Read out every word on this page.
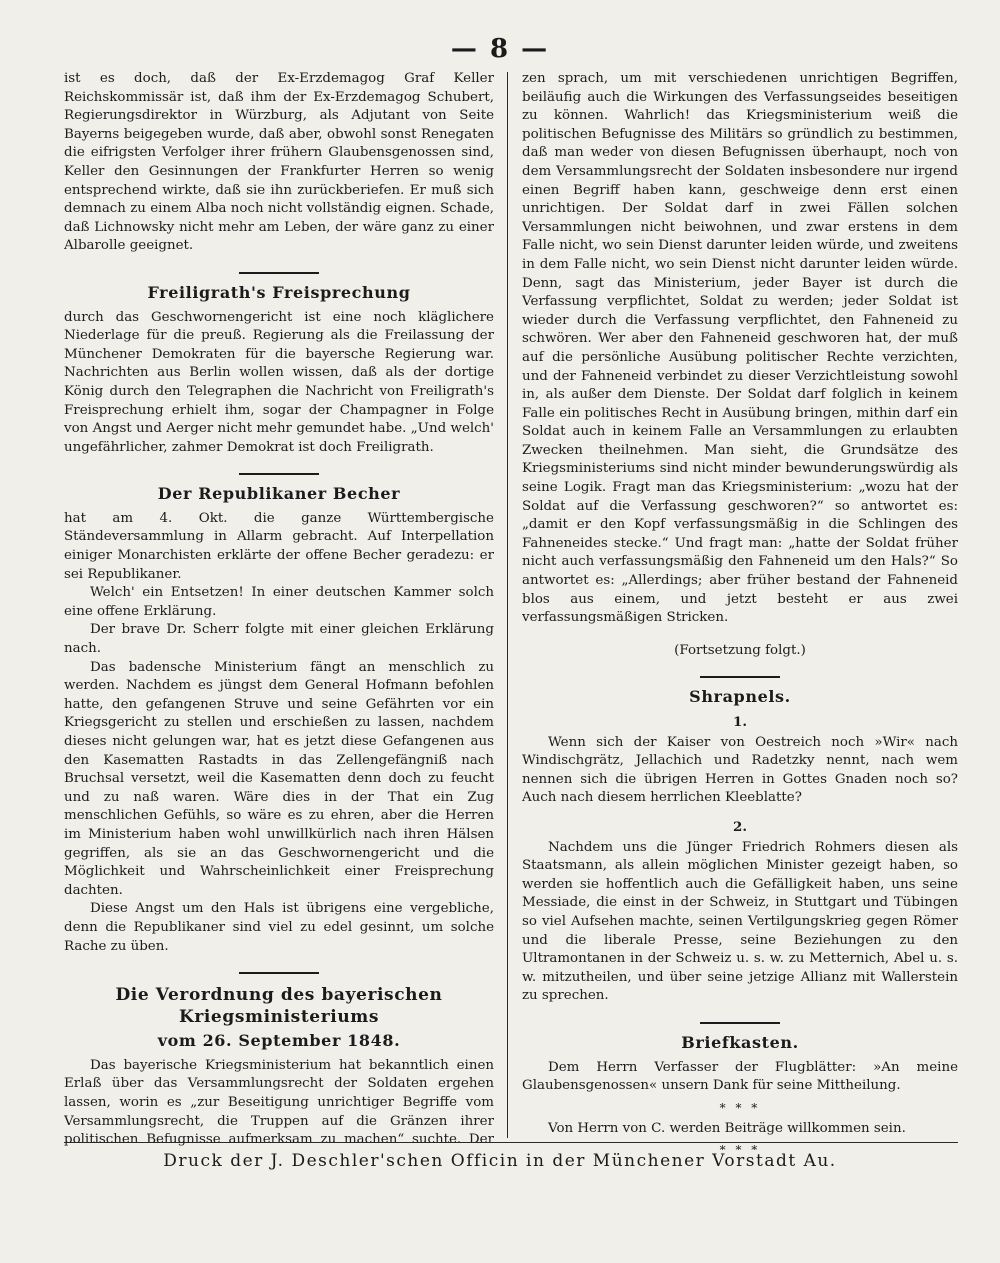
— 8 —

ist es doch, daß der Ex-Erzdemagog Graf Keller Reichskommissär ist, daß ihm der Ex-Erzdemagog Schubert, Regierungsdirektor in Würzburg, als Adjutant von Seite Bayerns beigegeben wurde, daß aber, obwohl sonst Renegaten die eifrigsten Verfolger ihrer frühern Glaubensgenossen sind, Keller den Gesinnungen der Frankfurter Herren so wenig entsprechend wirkte, daß sie ihn zurückberiefen. Er muß sich demnach zu einem Alba noch nicht vollständig eignen. Schade, daß Lichnowsky nicht mehr am Leben, der wäre ganz zu einer Albarolle geeignet.

Freiligrath's Freisprechung

durch das Geschwornengericht ist eine noch kläglichere Niederlage für die preuß. Regierung als die Freilassung der Münchener Demokraten für die bayersche Regierung war. Nachrichten aus Berlin wollen wissen, daß als der dortige König durch den Telegraphen die Nachricht von Freiligrath's Freisprechung erhielt ihm, sogar der Champagner in Folge von Angst und Aerger nicht mehr gemundet habe. „Und welch' ungefährlicher, zahmer Demokrat ist doch Freiligrath.

Der Republikaner Becher

hat am 4. Okt. die ganze Württembergische Ständeversammlung in Allarm gebracht. Auf Interpellation einiger Monarchisten erklärte der offene Becher geradezu: er sei Republikaner.

Welch' ein Entsetzen! In einer deutschen Kammer solch eine offene Erklärung.

Der brave Dr. Scherr folgte mit einer gleichen Erklärung nach.

Das badensche Ministerium fängt an menschlich zu werden. Nachdem es jüngst dem General Hofmann befohlen hatte, den gefangenen Struve und seine Gefährten vor ein Kriegsgericht zu stellen und erschießen zu lassen, nachdem dieses nicht gelungen war, hat es jetzt diese Gefangenen aus den Kasematten Rastadts in das Zellengefängniß nach Bruchsal versetzt, weil die Kasematten denn doch zu feucht und zu naß waren. Wäre dies in der That ein Zug menschlichen Gefühls, so wäre es zu ehren, aber die Herren im Ministerium haben wohl unwillkürlich nach ihren Hälsen gegriffen, als sie an das Geschwornengericht und die Möglichkeit und Wahrscheinlichkeit einer Freisprechung dachten.

Diese Angst um den Hals ist übrigens eine vergebliche, denn die Republikaner sind viel zu edel gesinnt, um solche Rache zu üben.

Die Verordnung des bayerischen Kriegsministeriums
vom 26. September 1848.

Das bayerische Kriegsministerium hat bekanntlich einen Erlaß über das Versammlungsrecht der Soldaten ergehen lassen, worin es „zur Beseitigung unrichtiger Begriffe vom Versammlungsrecht, die Truppen auf die Gränzen ihrer politischen Befugnisse aufmerksam zu machen“ suchte. Der

zen sprach, um mit verschiedenen unrichtigen Begriffen, beiläufig auch die Wirkungen des Verfassungseides beseitigen zu können. Wahrlich! das Kriegsministerium weiß die politischen Befugnisse des Militärs so gründlich zu bestimmen, daß man weder von diesen Befugnissen überhaupt, noch von dem Versammlungsrecht der Soldaten insbesondere nur irgend einen Begriff haben kann, geschweige denn erst einen unrichtigen. Der Soldat darf in zwei Fällen solchen Versammlungen nicht beiwohnen, und zwar erstens in dem Falle nicht, wo sein Dienst darunter leiden würde, und zweitens in dem Falle nicht, wo sein Dienst nicht darunter leiden würde. Denn, sagt das Ministerium, jeder Bayer ist durch die Verfassung verpflichtet, Soldat zu werden; jeder Soldat ist wieder durch die Verfassung verpflichtet, den Fahneneid zu schwören. Wer aber den Fahneneid geschworen hat, der muß auf die persönliche Ausübung politischer Rechte verzichten, und der Fahneneid verbindet zu dieser Verzichtleistung sowohl in, als außer dem Dienste. Der Soldat darf folglich in keinem Falle ein politisches Recht in Ausübung bringen, mithin darf ein Soldat auch in keinem Falle an Versammlungen zu erlaubten Zwecken theilnehmen. Man sieht, die Grundsätze des Kriegsministeriums sind nicht minder bewunderungswürdig als seine Logik. Fragt man das Kriegsministerium: „wozu hat der Soldat auf die Verfassung geschworen?“ so antwortet es: „damit er den Kopf verfassungsmäßig in die Schlingen des Fahneneides stecke.“ Und fragt man: „hatte der Soldat früher nicht auch verfassungsmäßig den Fahneneid um den Hals?“ So antwortet es: „Allerdings; aber früher bestand der Fahneneid blos aus einem, und jetzt besteht er aus zwei verfassungsmäßigen Stricken.

(Fortsetzung folgt.)

Shrapnels.
1.

Wenn sich der Kaiser von Oestreich noch »Wir« nach Windischgrätz, Jellachich und Radetzky nennt, nach wem nennen sich die übrigen Herren in Gottes Gnaden noch so? Auch nach diesem herrlichen Kleeblatte?

2.

Nachdem uns die Jünger Friedrich Rohmers diesen als Staatsmann, als allein möglichen Minister gezeigt haben, so werden sie hoffentlich auch die Gefälligkeit haben, uns seine Messiade, die einst in der Schweiz, in Stuttgart und Tübingen so viel Aufsehen machte, seinen Vertilgungskrieg gegen Römer und die liberale Presse, seine Beziehungen zu den Ultramontanen in der Schweiz u. s. w. zu Metternich, Abel u. s. w. mitzutheilen, und über seine jetzige Allianz mit Wallerstein zu sprechen.

Briefkasten.

Dem Herrn Verfasser der Flugblätter: »An meine Glaubensgenossen« unsern Dank für seine Mittheilung.

* * *

Von Herrn von C. werden Beiträge willkommen sein.

Druck der J. Deschler'schen Officin in der Münchener Vorstadt Au.
